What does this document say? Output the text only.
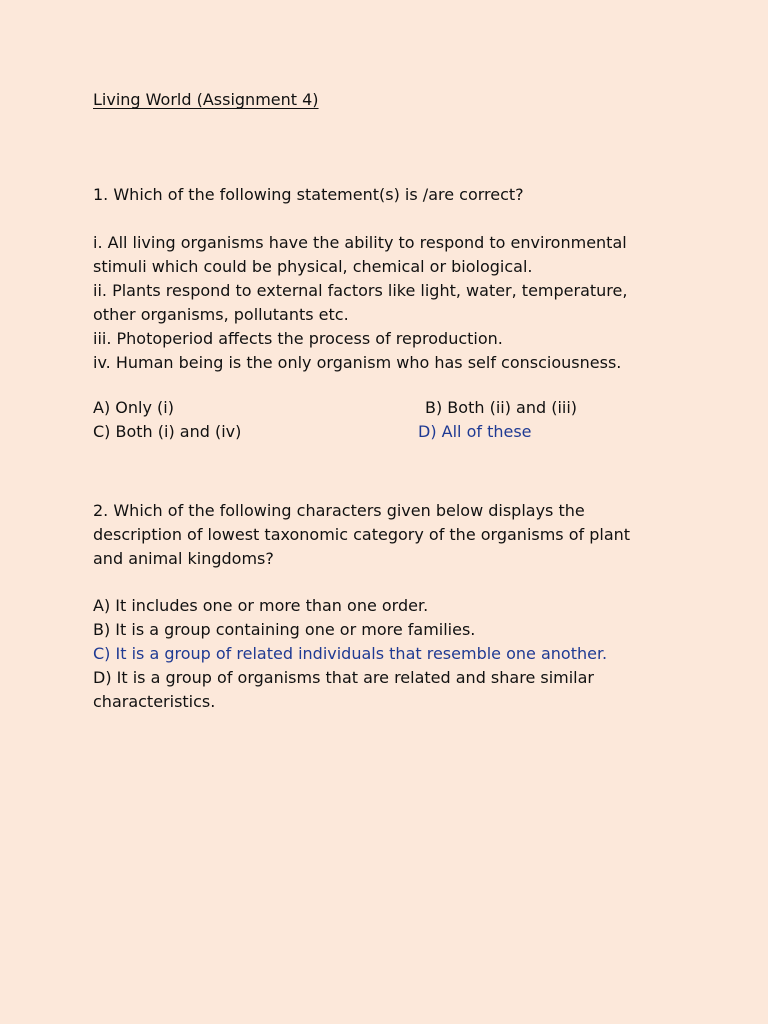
Living World (Assignment 4)
1. Which of the following statement(s) is /are correct?
i. All living organisms have the ability to respond to environmental
stimuli which could be physical, chemical or biological.
ii. Plants respond to external factors like light, water, temperature,
other organisms, pollutants etc.
iii. Photoperiod affects the process of reproduction.
iv. Human being is the only organism who has self consciousness.
A) Only (i)	B) Both (ii) and (iii)
C) Both (i) and (iv)	D) All of these
2. Which of the following characters given below displays the
description of lowest taxonomic category of the organisms of plant
and animal kingdoms?
A) It includes one or more than one order.
B) It is a group containing one or more families.
C) It is a group of related individuals that resemble one another.
D) It is a group of organisms that are related and share similar
characteristics.
